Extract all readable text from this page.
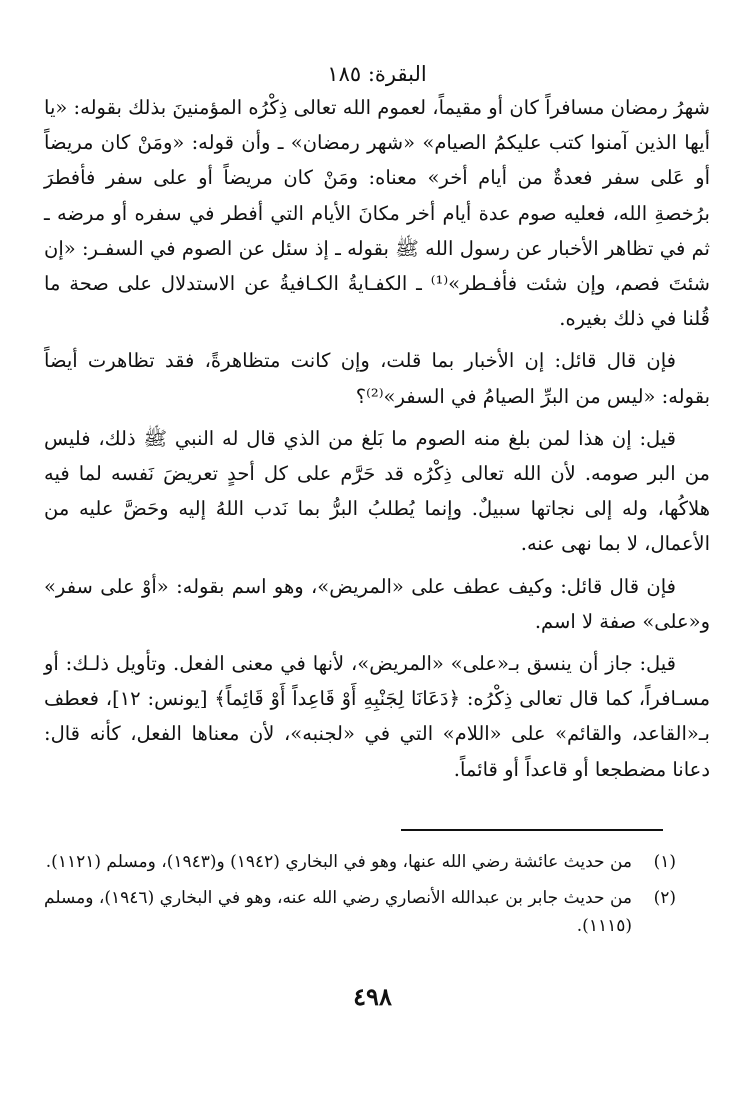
البقرة: ١٨٥

شهرُ رمضان مسافراً كان أو مقيماً، لعموم الله تعالى ذِكْرُه المؤمنينَ بذلك بقوله: «يا أيها الذين آمنوا كتب عليكمُ الصيام» «شهر رمضان» ـ وأن قوله: «ومَنْ كان مريضاً أو عَلى سفر فعدةٌ من أيام أخر» معناه: ومَنْ كان مريضاً أو على سفر فأفطرَ برُخصةِ الله، فعليه صوم عدة أيام أخر مكانَ الأيام التي أفطر في سفره أو مرضه ـ ثم في تظاهر الأخبار عن رسول الله ﷺ بقوله ـ إذ سئل عن الصوم في السفـر: «إن شئتَ فصم، وإن شئت فأفـطر»⁽¹⁾ ـ الكفـايةُ الكـافيةُ عن الاستدلال على صحة ما قُلنا في ذلك بغيره.

فإن قال قائل: إن الأخبار بما قلت، وإن كانت متظاهرةً، فقد تظاهرت أيضاً بقوله: «ليس من البرِّ الصيامُ في السفر»⁽²⁾؟

قيل: إن هذا لمن بلغ منه الصوم ما بَلغ من الذي قال له النبي ﷺ ذلك، فليس من البر صومه. لأن الله تعالى ذِكْرُه قد حَرَّم على كل أحدٍ تعريضَ نَفسه لما فيه هلاكُها، وله إلى نجاتها سبيلٌ. وإنما يُطلبُ البرُّ بما نَدب اللهُ إليه وحَضَّ عليه من الأعمال، لا بما نهى عنه.

فإن قال قائل: وكيف عطف على «المريض»، وهو اسم بقوله: «أوْ على سفر» و«على» صفة لا اسم.

قيل: جاز أن ينسق بـ«على» «المريض»، لأنها في معنى الفعل. وتأويل ذلـك: أو مسـافراً، كما قال تعالى ذِكْرُه: ﴿دَعَانَا لِجَنْبِهِ أَوْ قَاعِداً أَوْ قَائِماً﴾ [يونس: ١٢]، فعطف بـ«القاعد، والقائم» على «اللام» التي في «لجنبه»، لأن معناها الفعل، كأنه قال: دعانا مضطجعا أو قاعداً أو قائماً.

(١)
من حديث عائشة رضي الله عنها، وهو في البخاري (١٩٤٢) و(١٩٤٣)، ومسلم (١١٢١).
(٢)
من حديث جابر بن عبدالله الأنصاري رضي الله عنه، وهو في البخاري (١٩٤٦)، ومسلم (١١١٥).
٤٩٨
